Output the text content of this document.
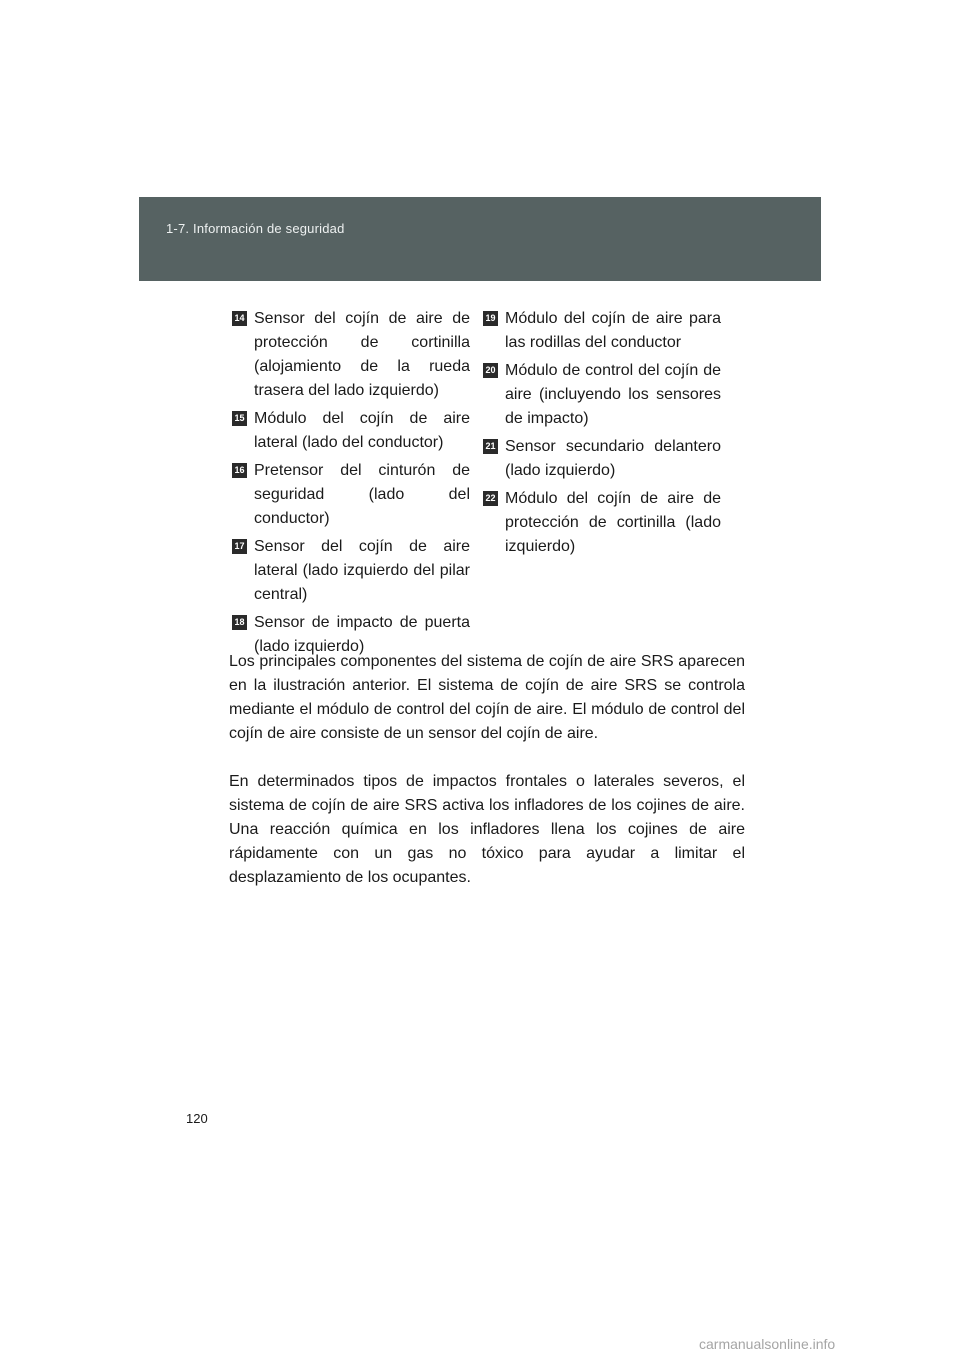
1-7. Información de seguridad
14 Sensor del cojín de aire de protección de cortinilla (alojamiento de la rueda trasera del lado izquierdo)
15 Módulo del cojín de aire lateral (lado del conductor)
16 Pretensor del cinturón de seguridad (lado del conductor)
17 Sensor del cojín de aire lateral (lado izquierdo del pilar central)
18 Sensor de impacto de puerta (lado izquierdo)
19 Módulo del cojín de aire para las rodillas del conductor
20 Módulo de control del cojín de aire (incluyendo los sensores de impacto)
21 Sensor secundario delantero (lado izquierdo)
22 Módulo del cojín de aire de protección de cortinilla (lado izquierdo)

Los principales componentes del sistema de cojín de aire SRS aparecen en la ilustración anterior. El sistema de cojín de aire SRS se controla mediante el módulo de control del cojín de aire. El módulo de control del cojín de aire consiste de un sensor del cojín de aire.

En determinados tipos de impactos frontales o laterales severos, el sistema de cojín de aire SRS activa los infladores de los cojines de aire. Una reacción química en los infladores llena los cojines de aire rápidamente con un gas no tóxico para ayudar a limitar el desplazamiento de los ocupantes.

120
carmanualsonline.info
